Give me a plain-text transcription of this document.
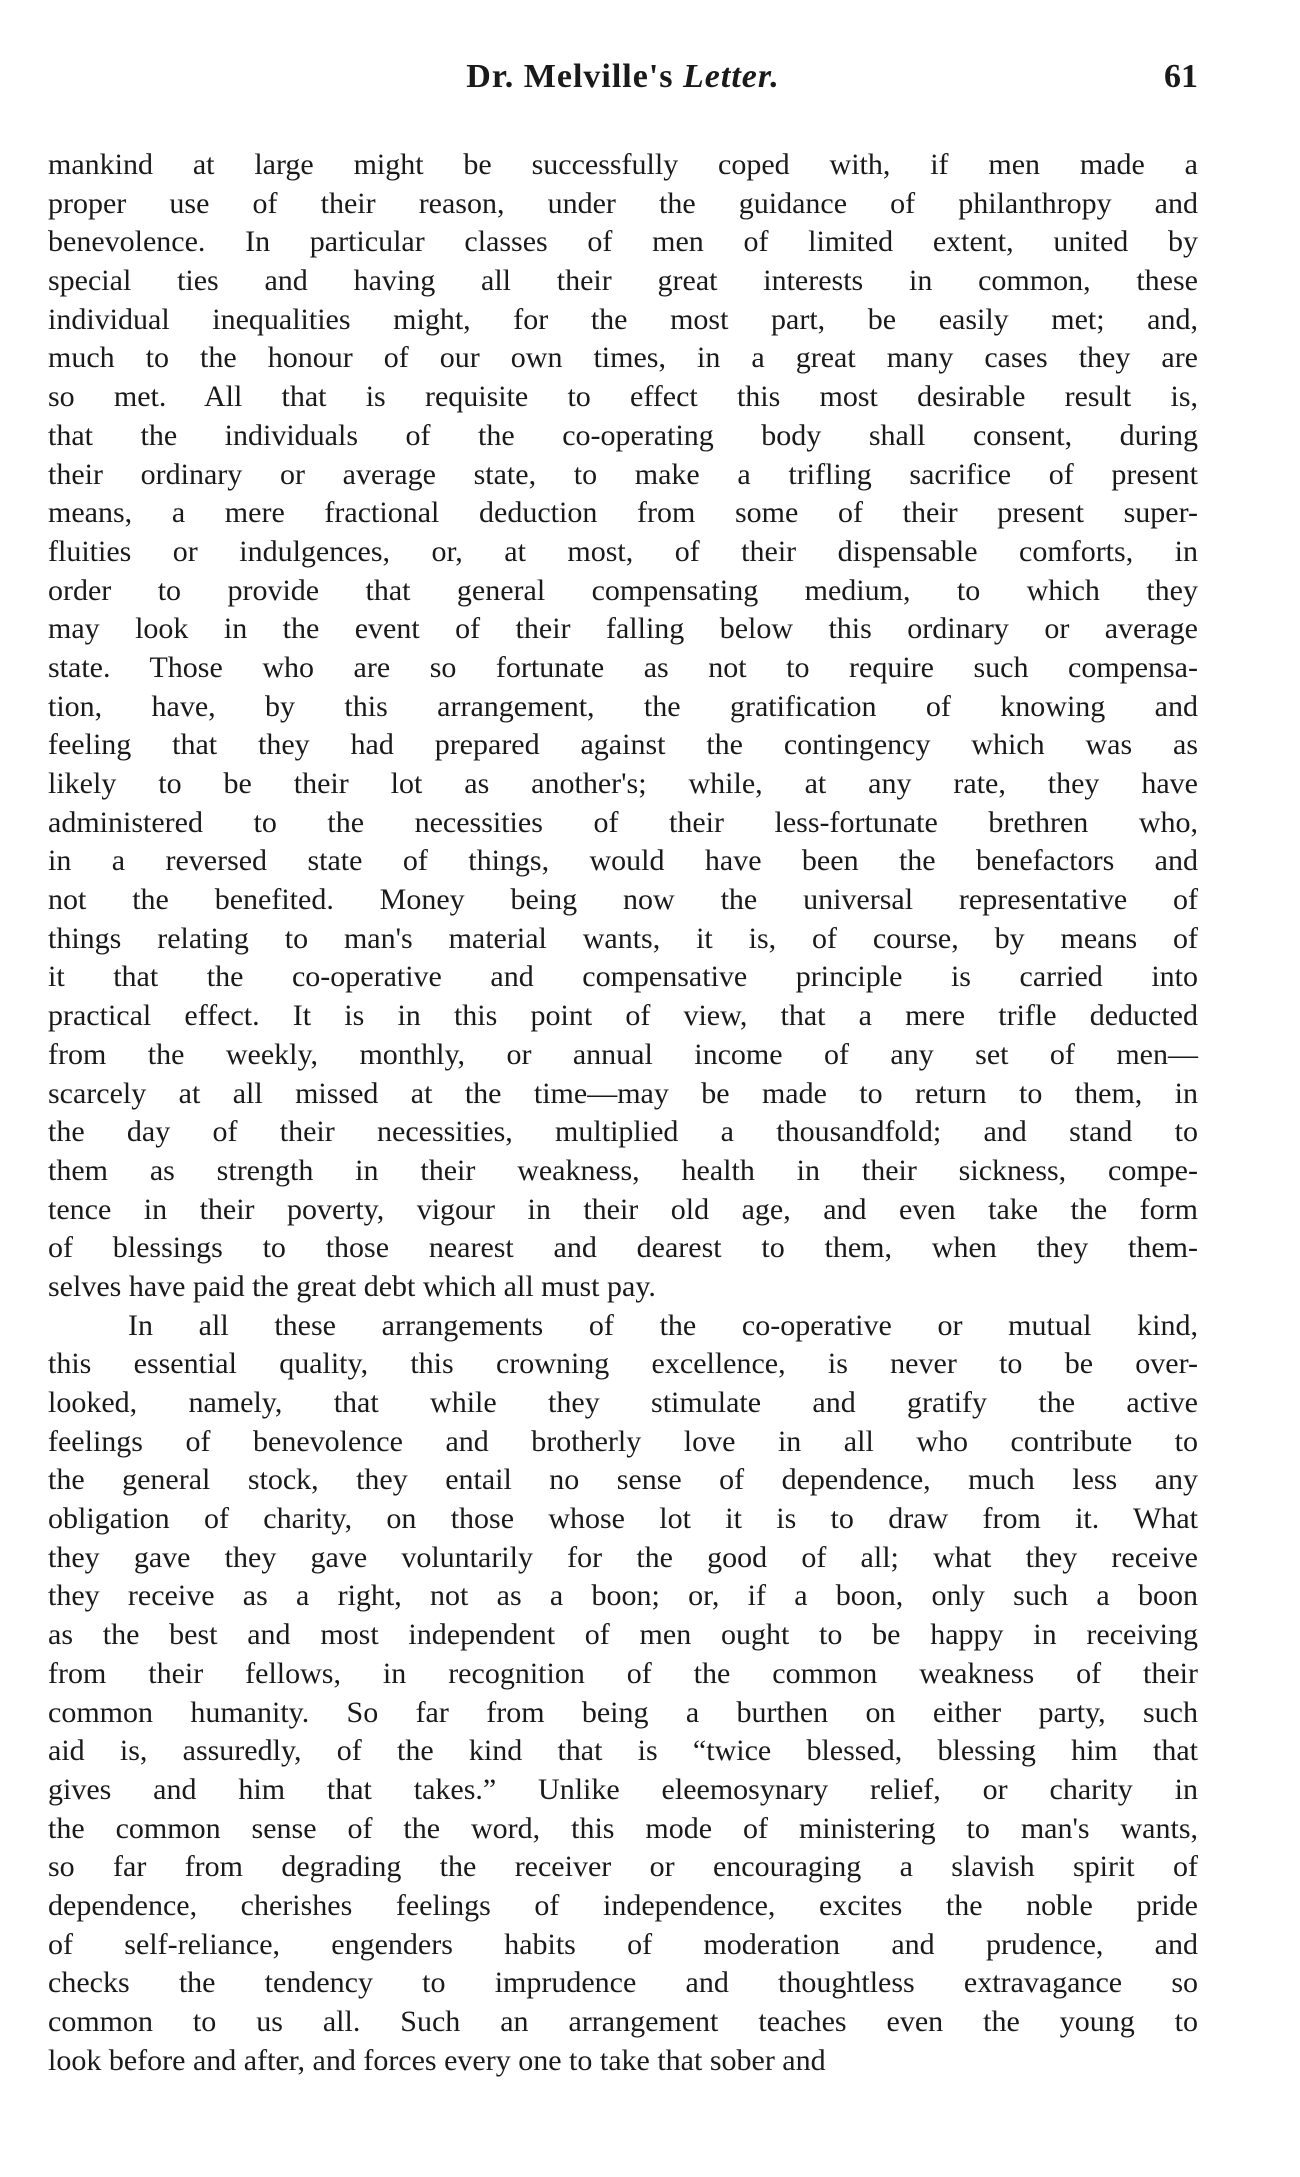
Dr. Melville's Letter.	61
mankind at large might be successfully coped with, if men made a
proper use of their reason, under the guidance of philanthropy and
benevolence. In particular classes of men of limited extent, united by
special ties and having all their great interests in common, these
individual inequalities might, for the most part, be easily met; and,
much to the honour of our own times, in a great many cases they are
so met. All that is requisite to effect this most desirable result is,
that the individuals of the co-operating body shall consent, during
their ordinary or average state, to make a trifling sacrifice of present
means, a mere fractional deduction from some of their present super-
fluities or indulgences, or, at most, of their dispensable comforts, in
order to provide that general compensating medium, to which they
may look in the event of their falling below this ordinary or average
state. Those who are so fortunate as not to require such compensa-
tion, have, by this arrangement, the gratification of knowing and
feeling that they had prepared against the contingency which was as
likely to be their lot as another's; while, at any rate, they have
administered to the necessities of their less-fortunate brethren who,
in a reversed state of things, would have been the benefactors and
not the benefited. Money being now the universal representative of
things relating to man's material wants, it is, of course, by means of
it that the co-operative and compensative principle is carried into
practical effect. It is in this point of view, that a mere trifle deducted
from the weekly, monthly, or annual income of any set of men—
scarcely at all missed at the time—may be made to return to them, in
the day of their necessities, multiplied a thousandfold; and stand to
them as strength in their weakness, health in their sickness, compe-
tence in their poverty, vigour in their old age, and even take the form
of blessings to those nearest and dearest to them, when they them-
selves have paid the great debt which all must pay.
In all these arrangements of the co-operative or mutual kind,
this essential quality, this crowning excellence, is never to be over-
looked, namely, that while they stimulate and gratify the active
feelings of benevolence and brotherly love in all who contribute to
the general stock, they entail no sense of dependence, much less any
obligation of charity, on those whose lot it is to draw from it. What
they gave they gave voluntarily for the good of all; what they receive
they receive as a right, not as a boon; or, if a boon, only such a boon
as the best and most independent of men ought to be happy in receiving
from their fellows, in recognition of the common weakness of their
common humanity. So far from being a burthen on either party, such
aid is, assuredly, of the kind that is “twice blessed, blessing him that
gives and him that takes.” Unlike eleemosynary relief, or charity in
the common sense of the word, this mode of ministering to man's wants,
so far from degrading the receiver or encouraging a slavish spirit of
dependence, cherishes feelings of independence, excites the noble pride
of self-reliance, engenders habits of moderation and prudence, and
checks the tendency to imprudence and thoughtless extravagance so
common to us all. Such an arrangement teaches even the young to
look before and after, and forces every one to take that sober and
